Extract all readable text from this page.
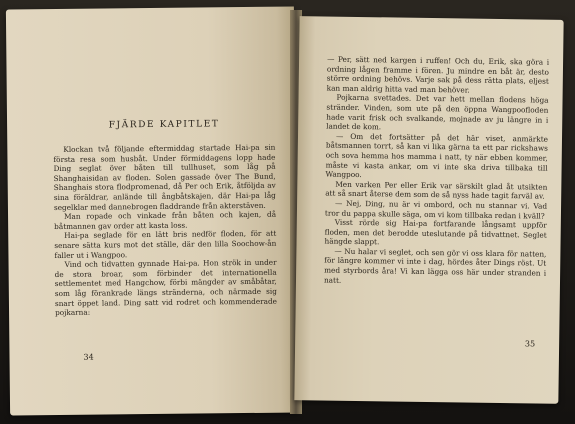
FJÄRDE KAPITLET

Klockan två följande eftermiddag startade Hai-pa sin första resa som husbåt. Under förmiddagens lopp hade Ding seglat över båten till tullhuset, som låg på Shanghaisidan av floden. Solen gassade över The Bund, Shanghais stora flodpromenad, då Per och Erik, åtföljda av sina föräldrar, anlände till ångbåtskajen, där Hai-pa låg segelklar med dannebrogen fladdrande från akterstäven.

Man ropade och vinkade från båten och kajen, då båtmannen gav order att kasta loss.

Hai-pa seglade för en lätt bris nedför floden, för att senare sätta kurs mot det ställe, där den lilla Soochow-ån faller ut i Wangpoo.

Vind och tidvatten gynnade Hai-pa. Hon strök in under de stora broar, som förbinder det internationella settlementet med Hangchow, förbi mängder av småbåtar, som låg förankrade längs stränderna, och närmade sig snart öppet land. Ding satt vid rodret och kommenderade pojkarna:

34

— Per, sätt ned kargen i ruffen! Och du, Erik, ska göra i ordning lågen framme i fören. Ju mindre en båt är, desto större ordning behövs. Varje sak på dess rätta plats, eljest kan man aldrig hitta vad man behöver.

Pojkarna svettades. Det var hett mellan flodens höga stränder. Vinden, som ute på den öppna Wangpoofloden hade varit frisk och svalkande, mojnade av ju längre in i landet de kom.

— Om det fortsätter på det här viset, anmärkte båtsmannen torrt, så kan vi lika gärna ta ett par rickshaws och sova hemma hos mamma i natt, ty när ebben kommer, måste vi kasta ankar, om vi inte ska driva tillbaka till Wangpoo.

Men varken Per eller Erik var särskilt glad åt utsikten att så snart återse dem som de så nyss hade tagit farväl av.

— Nej, Ding, nu är vi ombord, och nu stannar vi. Vad tror du pappa skulle säga, om vi kom tillbaka redan i kväll?

Visst rörde sig Hai-pa fortfarande långsamt uppför floden, men det berodde uteslutande på tidvattnet. Seglet hängde slappt.

— Nu halar vi seglet, och sen gör vi oss klara för natten, för längre kommer vi inte i dag, hördes åter Dings röst. Ut med styrbords åra! Vi kan lägga oss här under stranden i natt.

35
